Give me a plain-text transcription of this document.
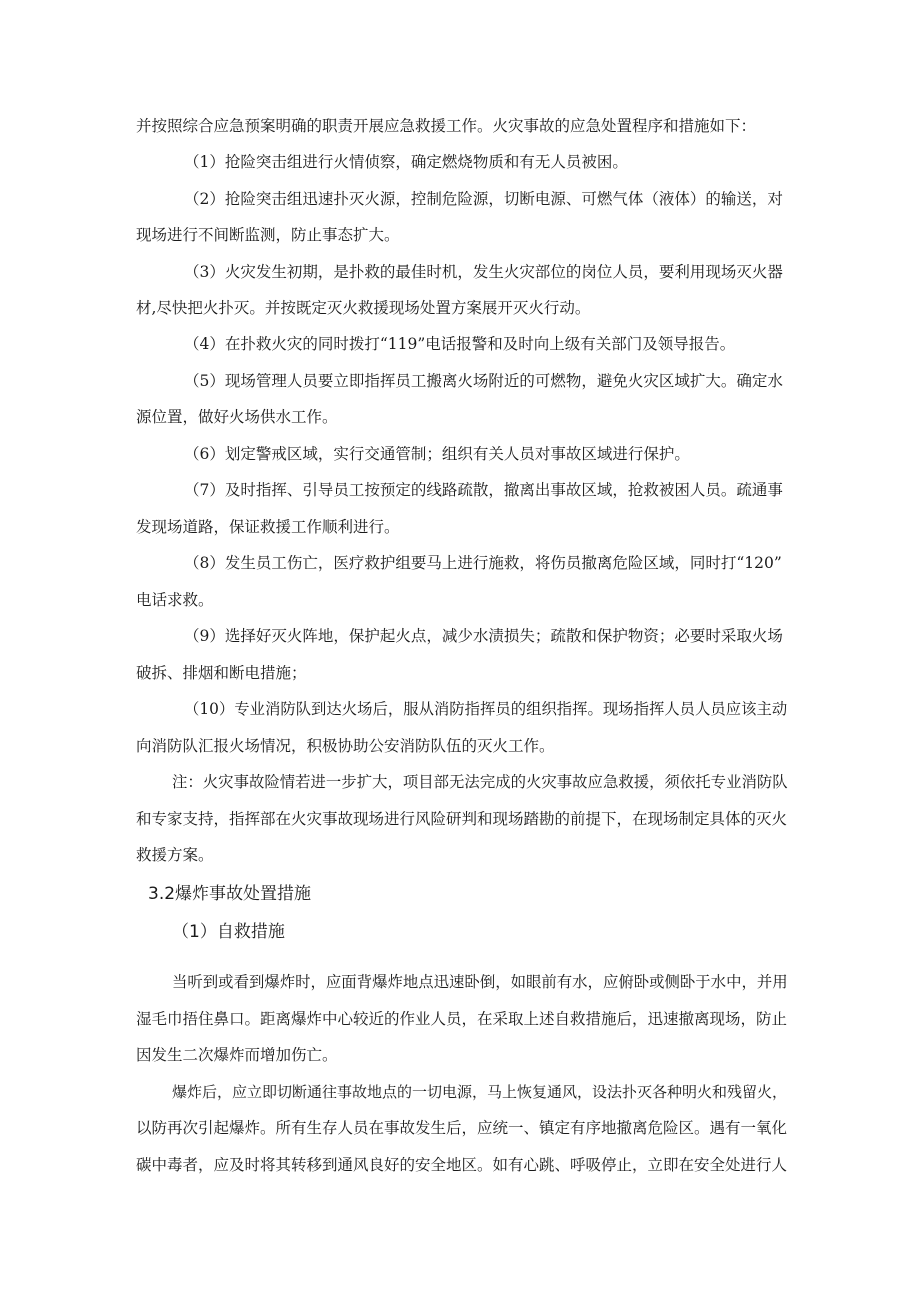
并按照综合应急预案明确的职责开展应急救援工作。火灾事故的应急处置程序和措施如下：
（1）抢险突击组进行火情侦察，确定燃烧物质和有无人员被困。
（2）抢险突击组迅速扑灭火源，控制危险源，切断电源、可燃气体（液体）的输送，对
现场进行不间断监测，防止事态扩大。
（3）火灾发生初期，是扑救的最佳时机，发生火灾部位的岗位人员，要利用现场灭火器
材,尽快把火扑灭。并按既定灭火救援现场处置方案展开灭火行动。
（4）在扑救火灾的同时拨打“119”电话报警和及时向上级有关部门及领导报告。
（5）现场管理人员要立即指挥员工搬离火场附近的可燃物，避免火灾区域扩大。确定水
源位置，做好火场供水工作。
（6）划定警戒区域，实行交通管制；组织有关人员对事故区域进行保护。
（7）及时指挥、引导员工按预定的线路疏散，撤离出事故区域，抢救被困人员。疏通事
发现场道路，保证救援工作顺利进行。
（8）发生员工伤亡，医疗救护组要马上进行施救，将伤员撤离危险区域，同时打“120”
电话求救。
（9）选择好灭火阵地，保护起火点，减少水渍损失；疏散和保护物资；必要时采取火场
破拆、排烟和断电措施；
（10）专业消防队到达火场后，服从消防指挥员的组织指挥。现场指挥人员人员应该主动
向消防队汇报火场情况，积极协助公安消防队伍的灭火工作。
注：火灾事故险情若进一步扩大，项目部无法完成的火灾事故应急救援，须依托专业消防队
和专家支持，指挥部在火灾事故现场进行风险研判和现场踏勘的前提下，在现场制定具体的灭火
救援方案。
3.2爆炸事故处置措施
（1）自救措施
当听到或看到爆炸时，应面背爆炸地点迅速卧倒，如眼前有水，应俯卧或侧卧于水中，并用
湿毛巾捂住鼻口。距离爆炸中心较近的作业人员，在采取上述自救措施后，迅速撤离现场，防止
因发生二次爆炸而增加伤亡。
爆炸后，应立即切断通往事故地点的一切电源，马上恢复通风，设法扑灭各种明火和残留火，
以防再次引起爆炸。所有生存人员在事故发生后，应统一、镇定有序地撤离危险区。遇有一氧化
碳中毒者，应及时将其转移到通风良好的安全地区。如有心跳、呼吸停止，立即在安全处进行人
